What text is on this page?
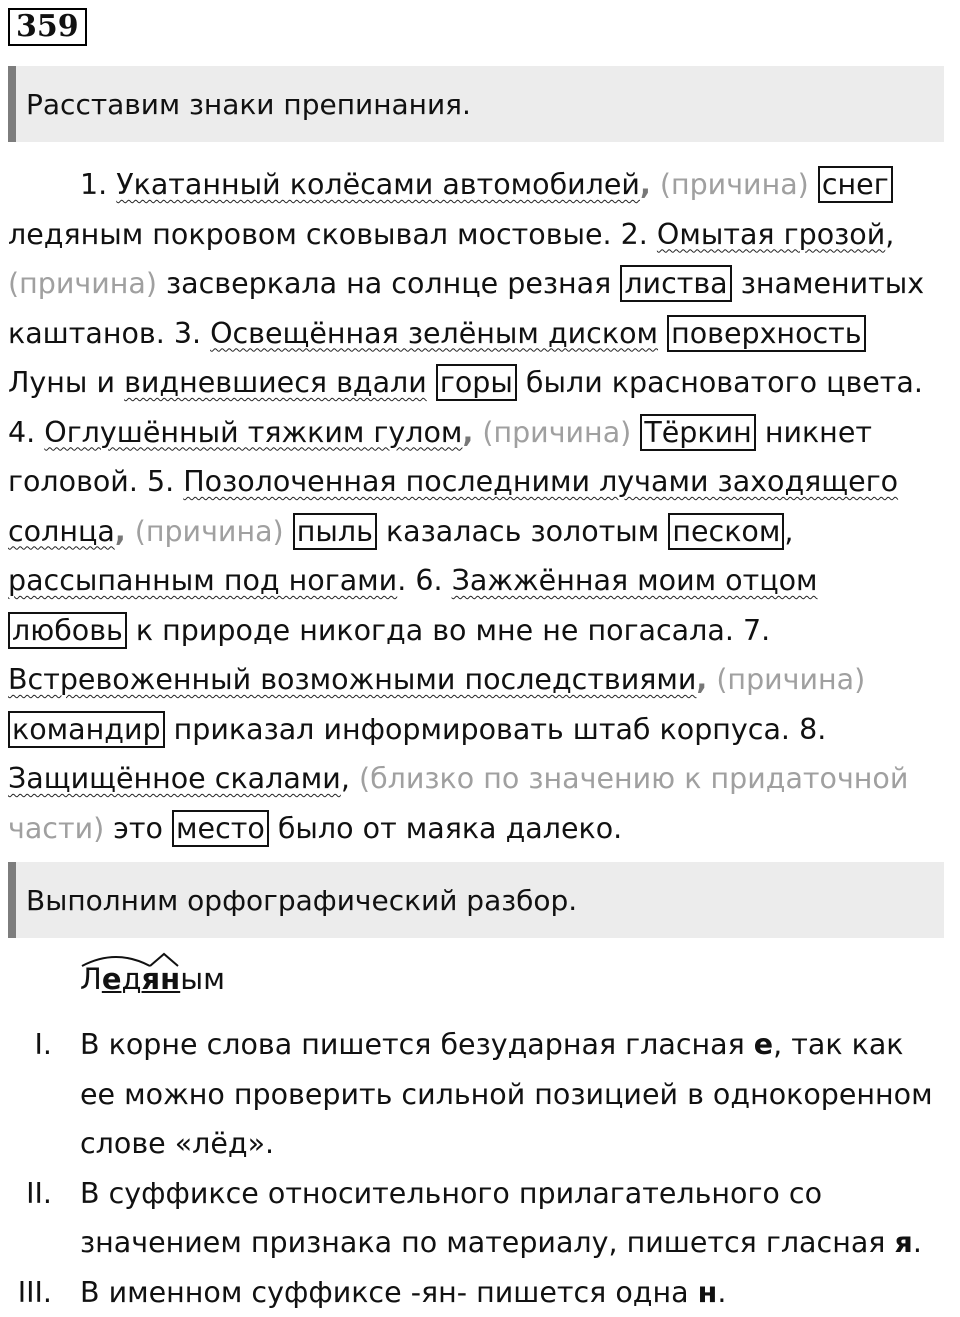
359
Расставим знаки препинания.
1. Укатанный колёсами автомобилей, (причина) снег ледяным покровом сковывал мостовые. 2. Омытая грозой, (причина) засверкала на солнце резная листва знаменитых каштанов. 3. Освещённая зелёным диском поверхность Луны и видневшиеся вдали горы были красноватого цвета. 4. Оглушённый тяжким гулом, (причина) Тёркин никнет головой. 5. Позолоченная последними лучами заходящего солнца, (причина) пыль казалась золотым песком , рассыпанным под ногами. 6. Зажжённая моим отцом любовь к природе никогда во мне не погасала. 7. Встревоженный возможными последствиями, (причина) командир приказал информировать штаб корпуса. 8. Защищённое скалами, (близко по значению к придаточной части) это место было от маяка далеко.
Выполним орфографический разбор.
Ледяным
I. В корне слова пишется безударная гласная е, так как ее можно проверить сильной позицией в однокоренном слове «лёд».
II. В суффиксе относительного прилагательного со значением признака по материалу, пишется гласная я.
III. В именном суффиксе -ян- пишется одна н.
